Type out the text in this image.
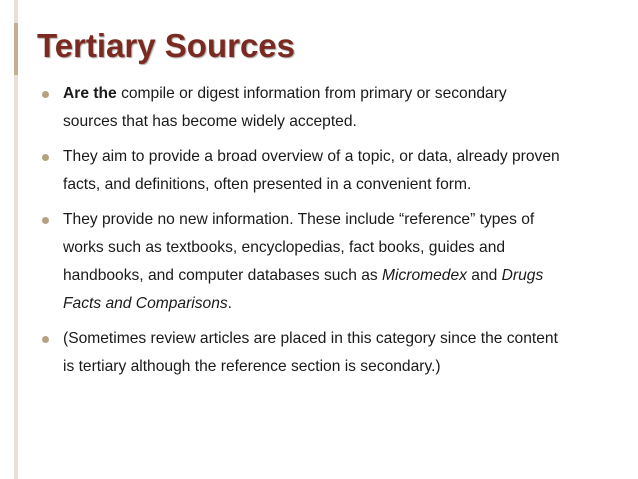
Tertiary Sources
Are the compile or digest information from primary or secondary sources that has become widely accepted.
They aim to provide a broad overview of a topic, or data, already proven facts, and definitions, often presented in a convenient form.
They provide no new information. These include “reference” types of works such as textbooks, encyclopedias, fact books, guides and handbooks, and computer databases such as Micromedex and Drugs Facts and Comparisons.
(Sometimes review articles are placed in this category since the content is tertiary although the reference section is secondary.)
